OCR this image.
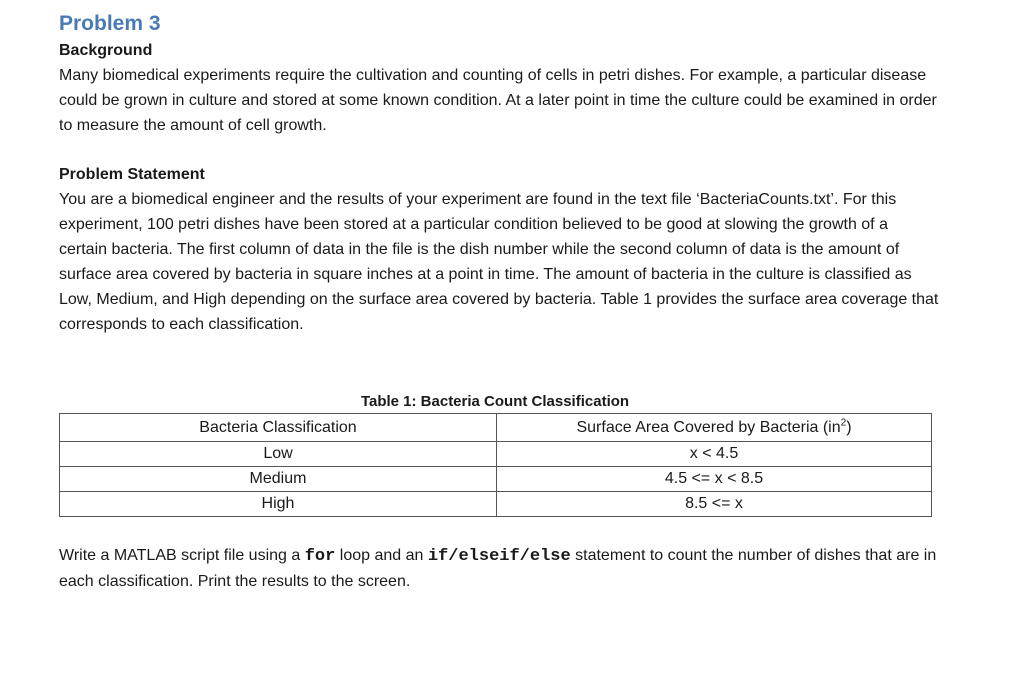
Problem 3

Background

Many biomedical experiments require the cultivation and counting of cells in petri dishes. For example, a particular disease could be grown in culture and stored at some known condition. At a later point in time the culture could be examined in order to measure the amount of cell growth.

Problem Statement

You are a biomedical engineer and the results of your experiment are found in the text file ‘BacteriaCounts.txt’. For this experiment, 100 petri dishes have been stored at a particular condition believed to be good at slowing the growth of a certain bacteria. The first column of data in the file is the dish number while the second column of data is the amount of surface area covered by bacteria in square inches at a point in time. The amount of bacteria in the culture is classified as Low, Medium, and High depending on the surface area covered by bacteria. Table 1 provides the surface area coverage that corresponds to each classification.

Table 1: Bacteria Count Classification
Bacteria Classification	Surface Area Covered by Bacteria $(in^2)$
Low	x < 4.5
Medium	4.5 <= x < 8.5
High	8.5 <= x

Write a MATLAB script file using a for loop and an if/elseif/else statement to count the number of dishes that are in each classification. Print the results to the screen.
